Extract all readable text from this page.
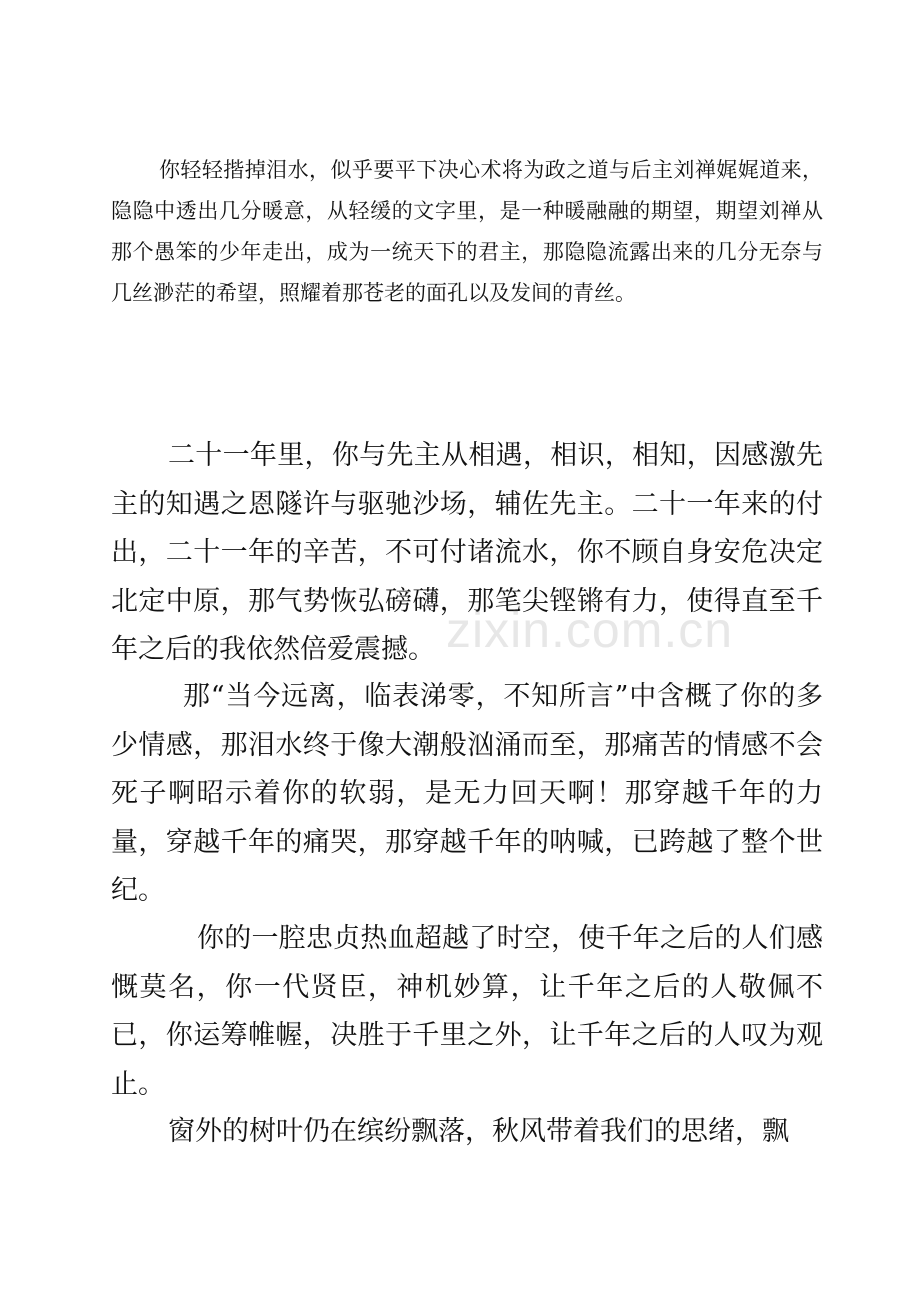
你轻轻揩掉泪水，似乎要平下决心术将为政之道与后主刘禅娓娓道来，隐隐中透出几分暖意，从轻缓的文字里，是一种暖融融的期望，期望刘禅从那个愚笨的少年走出，成为一统天下的君主，那隐隐流露出来的几分无奈与几丝渺茫的希望，照耀着那苍老的面孔以及发间的青丝。

二十一年里，你与先主从相遇，相识，相知，因感激先主的知遇之恩隧许与驱驰沙场，辅佐先主。二十一年来的付出，二十一年的辛苦，不可付诸流水，你不顾自身安危决定北定中原，那气势恢弘磅礴，那笔尖铿锵有力，使得直至千年之后的我依然倍爱震撼。

那“当今远离，临表涕零，不知所言”中含概了你的多少情感，那泪水终于像大潮般汹涌而至，那痛苦的情感不会死子啊昭示着你的软弱，是无力回天啊！那穿越千年的力量，穿越千年的痛哭，那穿越千年的呐喊，已跨越了整个世纪。

你的一腔忠贞热血超越了时空，使千年之后的人们感慨莫名，你一代贤臣，神机妙算，让千年之后的人敬佩不已，你运筹帷幄，决胜于千里之外，让千年之后的人叹为观止。

窗外的树叶仍在缤纷飘落，秋风带着我们的思绪，飘

zixin.com.cn
